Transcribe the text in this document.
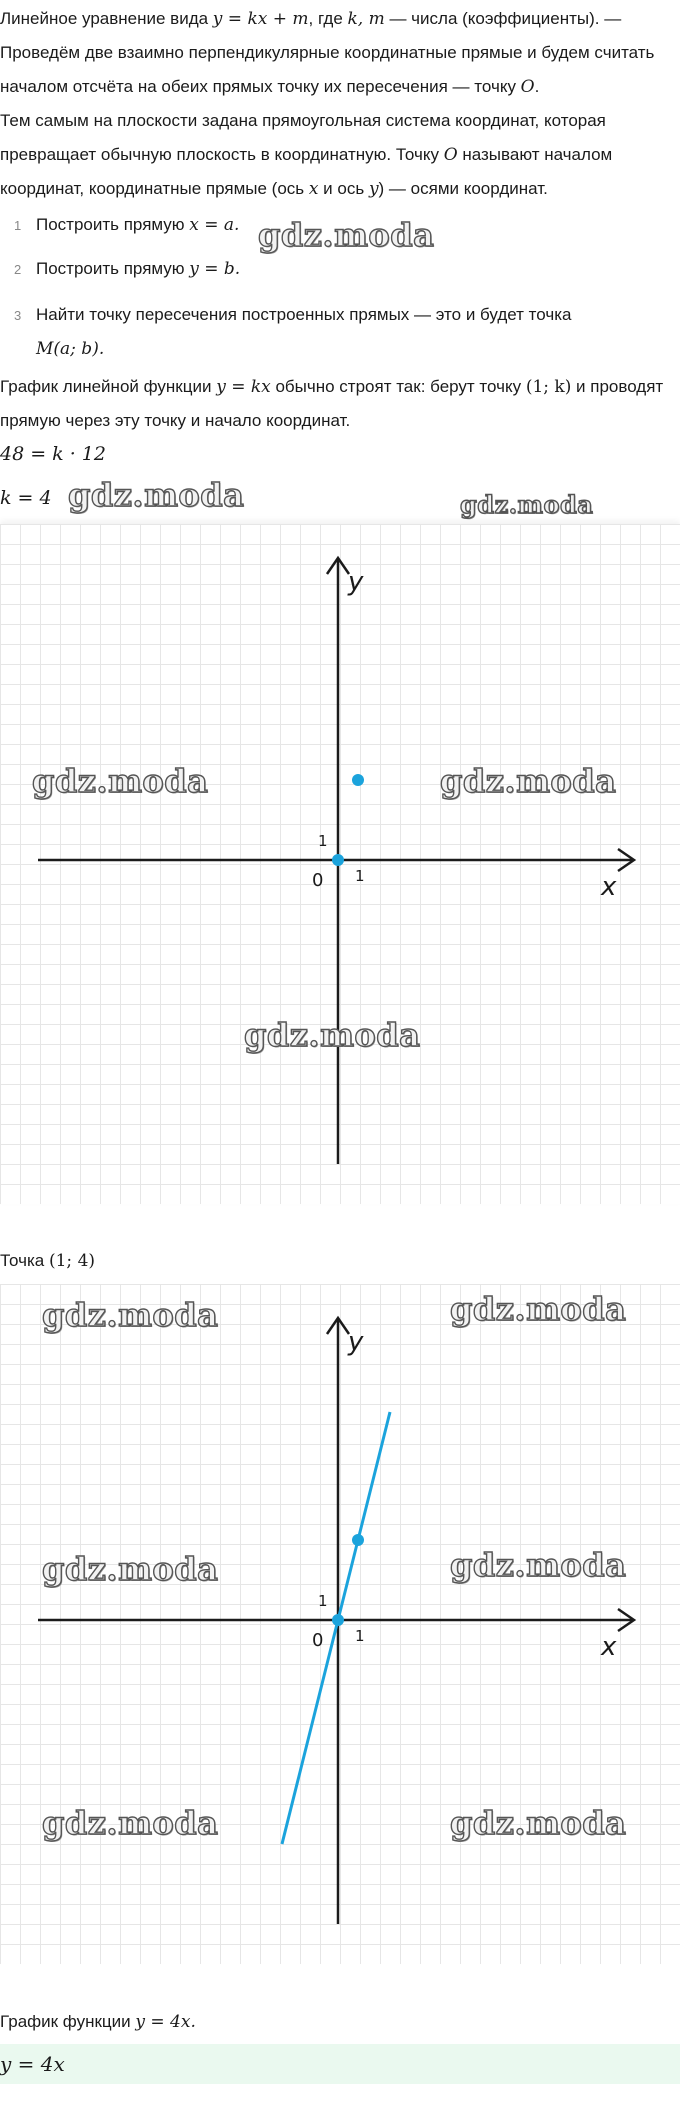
Линейное уравнение вида y = kx + m, где k, m — числа (коэффициенты). —
Проведём две взаимно перпендикулярные координатные прямые и будем считать началом отсчёта на обеих прямых точку их пересечения — точку O.
Тем самым на плоскости задана прямоугольная система координат, которая превращает обычную плоскость в координатную. Точку O называют началом координат, координатные прямые (ось x и ось y) — осями координат.

1 Построить прямую x = a.
2 Построить прямую y = b.
3 Найти точку пересечения построенных прямых — это и будет точка
M(a; b).

График линейной функции y = kx обычно строят так: берут точку (1; k) и проводят прямую через эту точку и начало координат.

48 = k · 12
k = 4
gdz.moda
gdz.moda	gdz.moda
x
y
0 1
1
gdz.moda	gdz.moda
gdz.moda
Точка (1; 4)
x
y
0 1
1
gdz.moda	gdz.moda
gdz.moda	gdz.moda
gdz.moda	gdz.moda
График функции y = 4x.
y = 4x
